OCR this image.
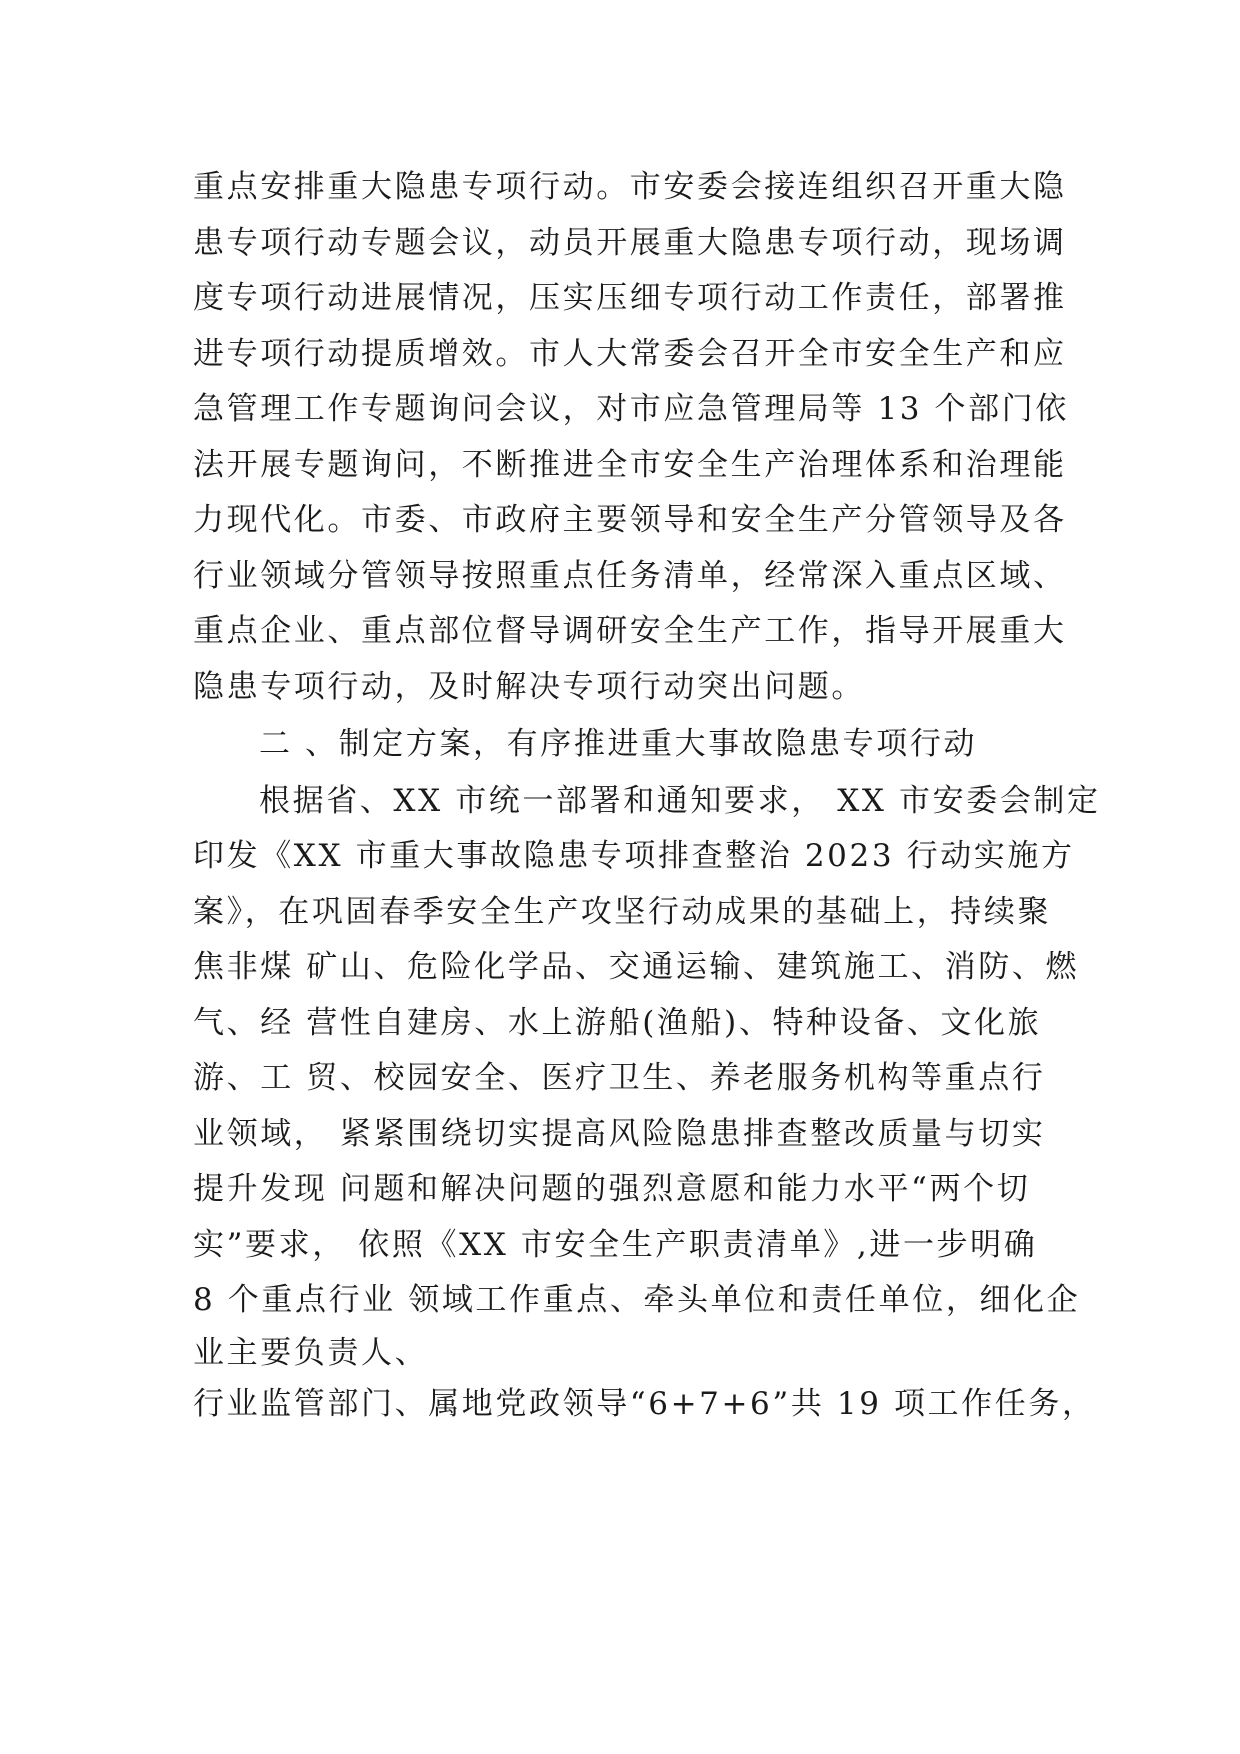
重点安排重大隐患专项行动。市安委会接连组织召开重大隐
患专项行动专题会议，动员开展重大隐患专项行动，现场调
度专项行动进展情况，压实压细专项行动工作责任，部署推
进专项行动提质增效。市人大常委会召开全市安全生产和应
急管理工作专题询问会议，对市应急管理局等 13 个部门依
法开展专题询问，不断推进全市安全生产治理体系和治理能
力现代化。市委、市政府主要领导和安全生产分管领导及各
行业领域分管领导按照重点任务清单，经常深入重点区域、
重点企业、重点部位督导调研安全生产工作，指导开展重大
隐患专项行动，及时解决专项行动突出问题。
二 、制定方案，有序推进重大事故隐患专项行动
根据省、XX 市统一部署和通知要求， XX 市安委会制定
印发《XX 市重大事故隐患专项排查整治 2023 行动实施方
案》，在巩固春季安全生产攻坚行动成果的基础上，持续聚
焦非煤 矿山、危险化学品、交通运输、建筑施工、消防、燃
气、经 营性自建房、水上游船(渔船)、特种设备、文化旅
游、工 贸、校园安全、医疗卫生、养老服务机构等重点行
业领域， 紧紧围绕切实提高风险隐患排查整改质量与切实
提升发现 问题和解决问题的强烈意愿和能力水平“两个切
实”要求， 依照《XX 市安全生产职责清单》,进一步明确
8 个重点行业 领域工作重点、牵头单位和责任单位，细化企
业主要负责人、
行业监管部门、属地党政领导“6+7+6”共 19 项工作任务，
